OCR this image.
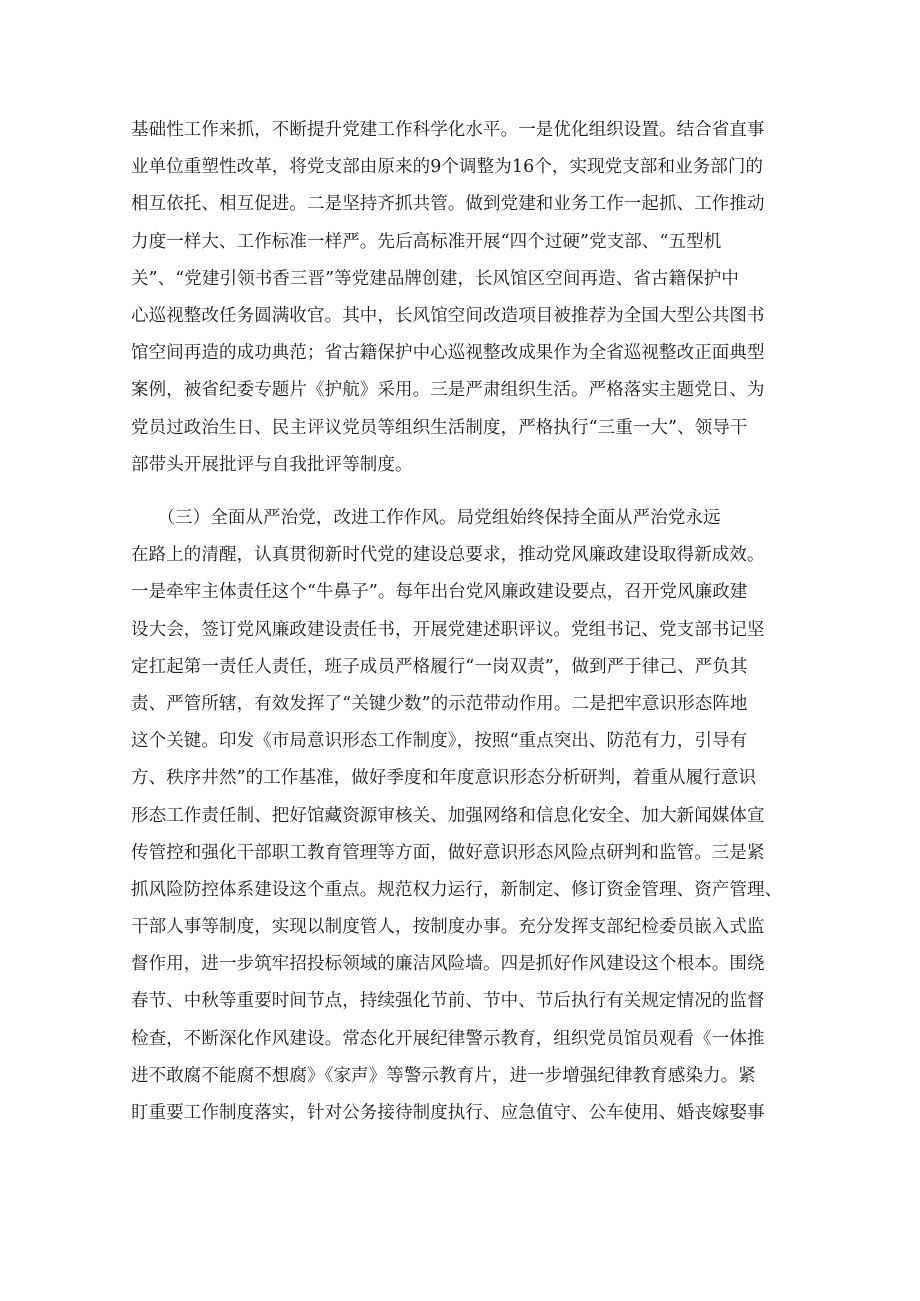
基础性工作来抓，不断提升党建工作科学化水平。一是优化组织设置。结合省直事
业单位重塑性改革，将党支部由原来的9个调整为16个，实现党支部和业务部门的
相互依托、相互促进。二是坚持齐抓共管。做到党建和业务工作一起抓、工作推动
力度一样大、工作标准一样严。先后高标准开展“四个过硬”党支部、“五型机
关”、“党建引领书香三晋”等党建品牌创建，长风馆区空间再造、省古籍保护中
心巡视整改任务圆满收官。其中，长风馆空间改造项目被推荐为全国大型公共图书
馆空间再造的成功典范；省古籍保护中心巡视整改成果作为全省巡视整改正面典型
案例，被省纪委专题片《护航》采用。三是严肃组织生活。严格落实主题党日、为
党员过政治生日、民主评议党员等组织生活制度，严格执行“三重一大”、领导干
部带头开展批评与自我批评等制度。
　　（三）全面从严治党，改进工作作风。局党组始终保持全面从严治党永远
在路上的清醒，认真贯彻新时代党的建设总要求，推动党风廉政建设取得新成效。
一是牵牢主体责任这个“牛鼻子”。每年出台党风廉政建设要点，召开党风廉政建
设大会，签订党风廉政建设责任书，开展党建述职评议。党组书记、党支部书记坚
定扛起第一责任人责任，班子成员严格履行“一岗双责”，做到严于律己、严负其
责、严管所辖，有效发挥了“关键少数”的示范带动作用。二是把牢意识形态阵地
这个关键。印发《市局意识形态工作制度》，按照“重点突出、防范有力，引导有
方、秩序井然”的工作基准，做好季度和年度意识形态分析研判，着重从履行意识
形态工作责任制、把好馆藏资源审核关、加强网络和信息化安全、加大新闻媒体宣
传管控和强化干部职工教育管理等方面，做好意识形态风险点研判和监管。三是紧
抓风险防控体系建设这个重点。规范权力运行，新制定、修订资金管理、资产管理、
干部人事等制度，实现以制度管人，按制度办事。充分发挥支部纪检委员嵌入式监
督作用，进一步筑牢招投标领域的廉洁风险墙。四是抓好作风建设这个根本。围绕
春节、中秋等重要时间节点，持续强化节前、节中、节后执行有关规定情况的监督
检查，不断深化作风建设。常态化开展纪律警示教育，组织党员馆员观看《一体推
进不敢腐不能腐不想腐》《家声》等警示教育片，进一步增强纪律教育感染力。紧
盯重要工作制度落实，针对公务接待制度执行、应急值守、公车使用、婚丧嫁娶事
